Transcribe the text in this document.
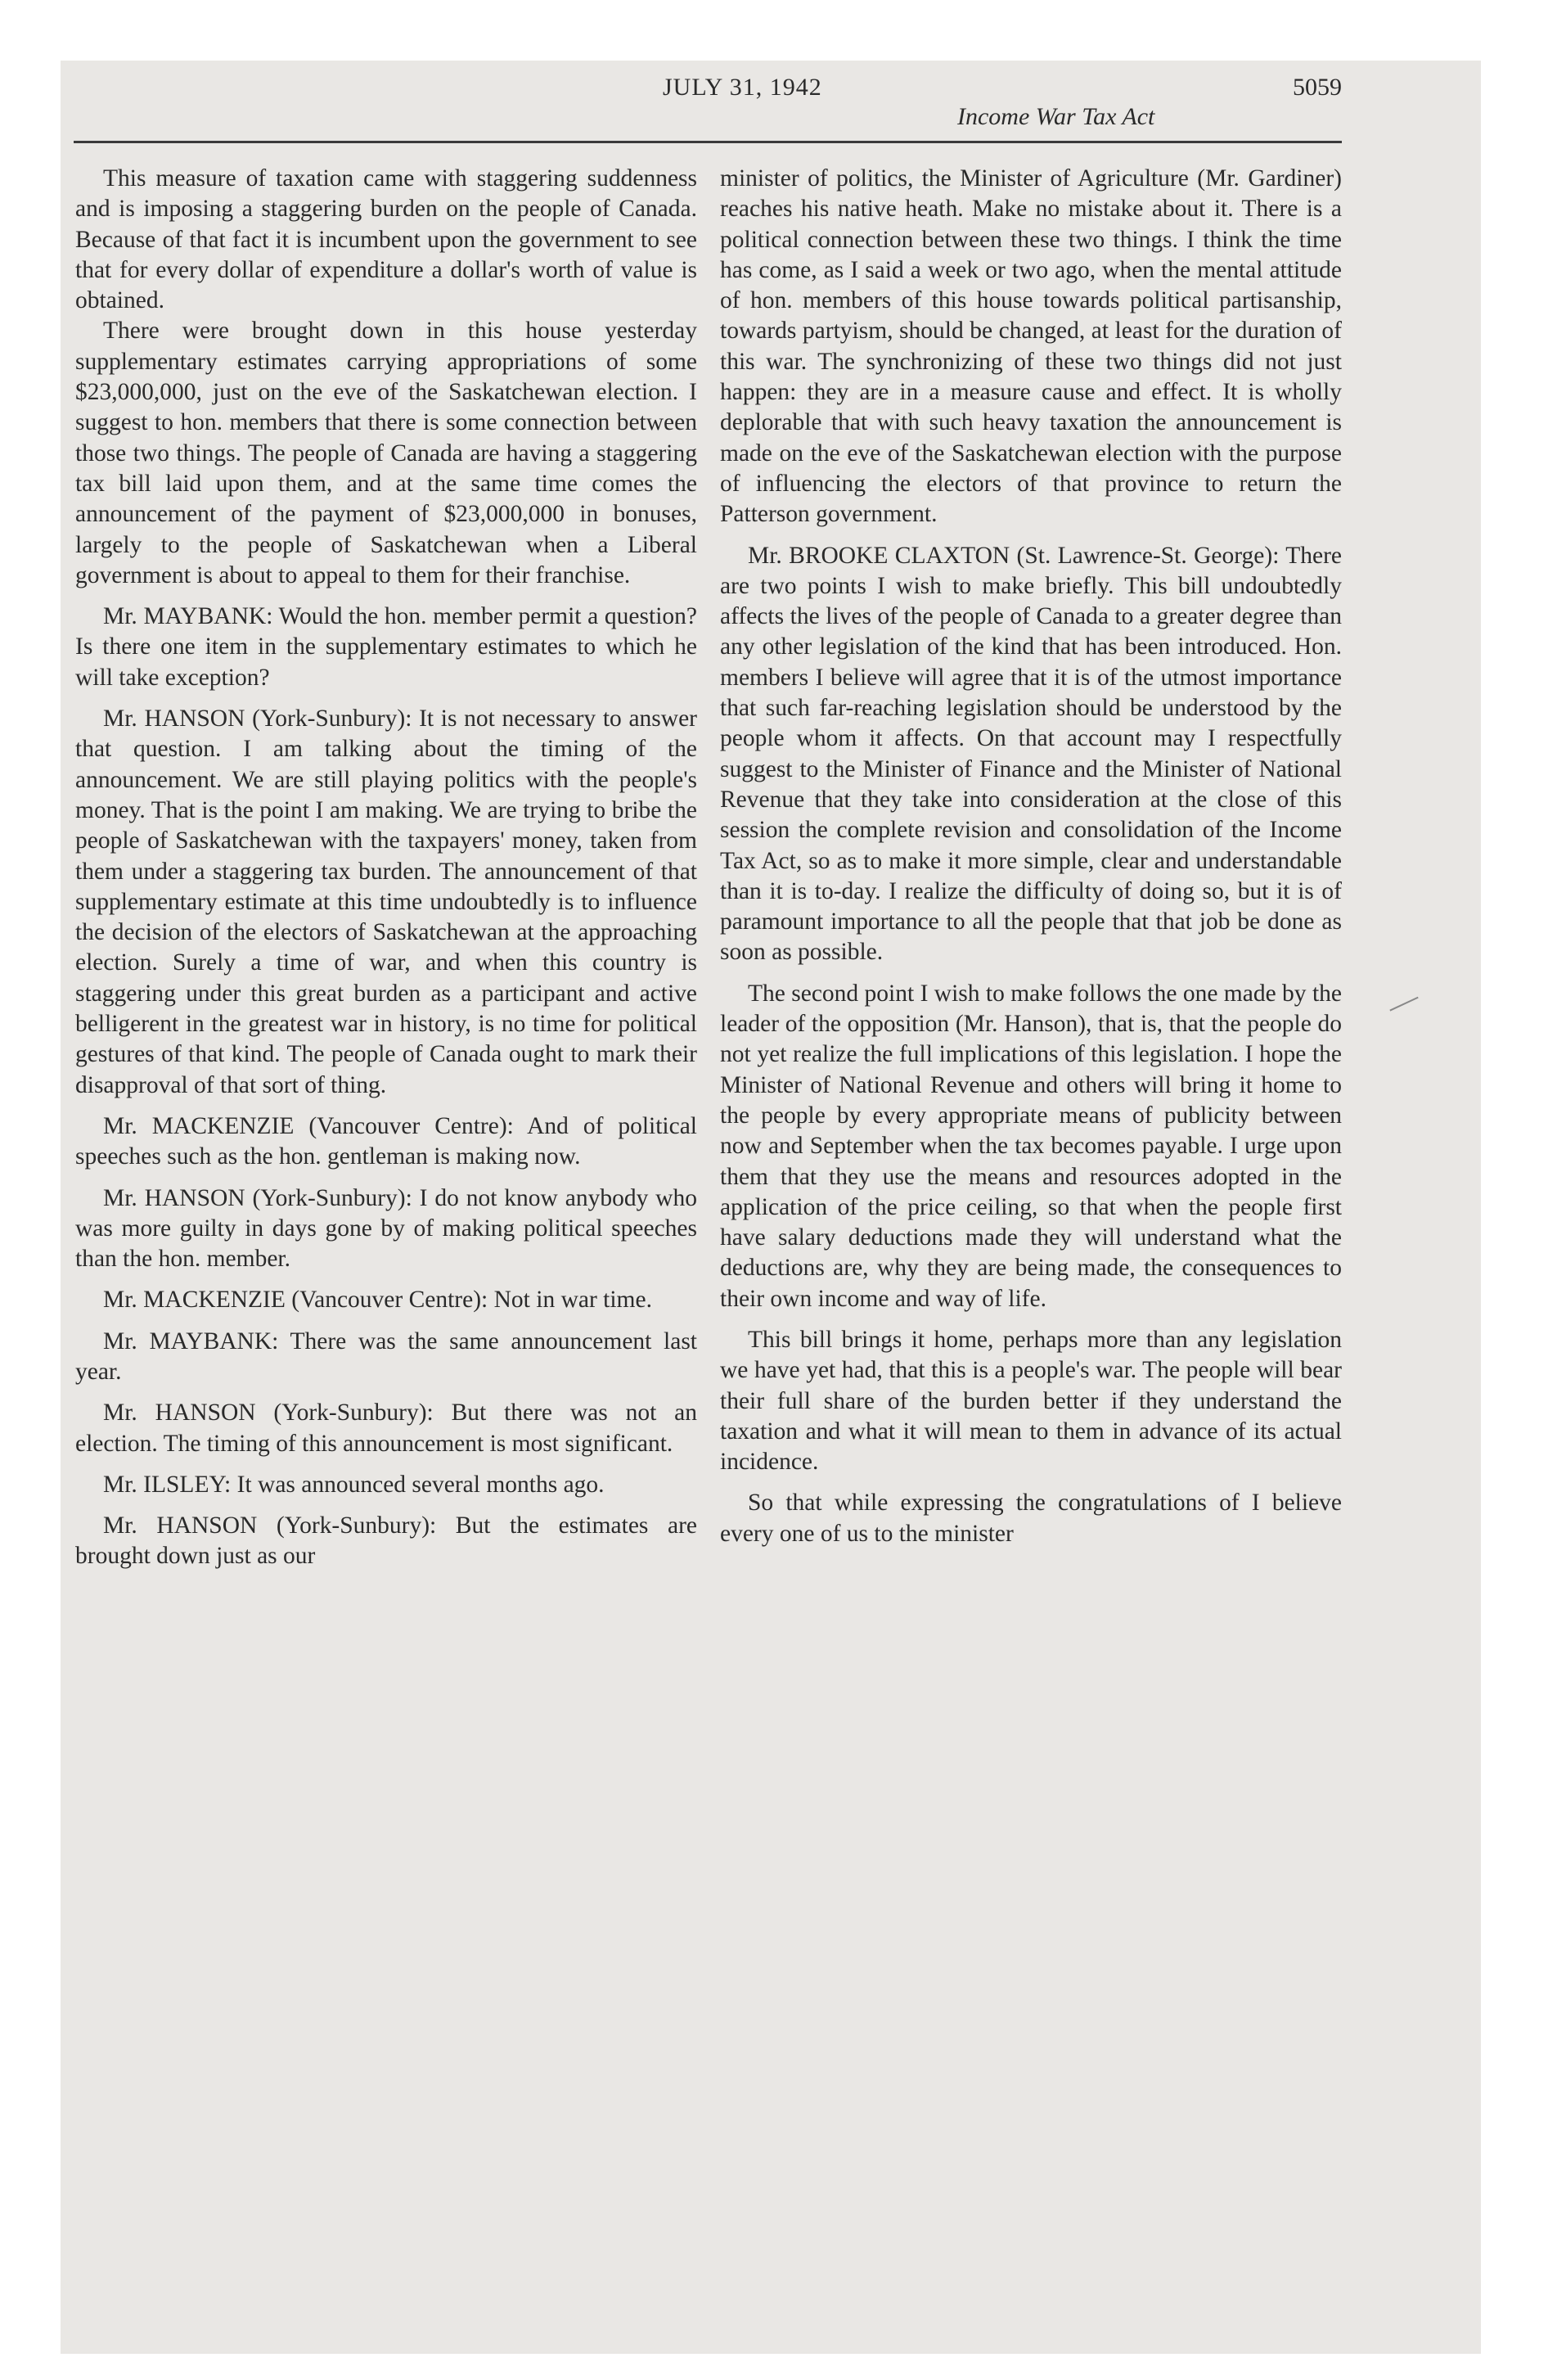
JULY 31, 1942
Income War Tax Act
5059

This measure of taxation came with staggering suddenness and is imposing a staggering burden on the people of Canada. Because of that fact it is incumbent upon the government to see that for every dollar of expenditure a dollar's worth of value is obtained.

There were brought down in this house yesterday supplementary estimates carrying appropriations of some $23,000,000, just on the eve of the Saskatchewan election. I suggest to hon. members that there is some connection between those two things. The people of Canada are having a staggering tax bill laid upon them, and at the same time comes the announcement of the payment of $23,000,000 in bonuses, largely to the people of Saskatchewan when a Liberal government is about to appeal to them for their franchise.

Mr. MAYBANK: Would the hon. member permit a question? Is there one item in the supplementary estimates to which he will take exception?

Mr. HANSON (York-Sunbury): It is not necessary to answer that question. I am talking about the timing of the announcement. We are still playing politics with the people's money. That is the point I am making. We are trying to bribe the people of Saskatchewan with the taxpayers' money, taken from them under a staggering tax burden. The announcement of that supplementary estimate at this time undoubtedly is to influence the decision of the electors of Saskatchewan at the approaching election. Surely a time of war, and when this country is staggering under this great burden as a participant and active belligerent in the greatest war in history, is no time for political gestures of that kind. The people of Canada ought to mark their disapproval of that sort of thing.

Mr. MACKENZIE (Vancouver Centre): And of political speeches such as the hon. gentleman is making now.

Mr. HANSON (York-Sunbury): I do not know anybody who was more guilty in days gone by of making political speeches than the hon. member.

Mr. MACKENZIE (Vancouver Centre): Not in war time.

Mr. MAYBANK: There was the same announcement last year.

Mr. HANSON (York-Sunbury): But there was not an election. The timing of this announcement is most significant.

Mr. ILSLEY: It was announced several months ago.

Mr. HANSON (York-Sunbury): But the estimates are brought down just as our

minister of politics, the Minister of Agriculture (Mr. Gardiner) reaches his native heath. Make no mistake about it. There is a political connection between these two things. I think the time has come, as I said a week or two ago, when the mental attitude of hon. members of this house towards political partisanship, towards partyism, should be changed, at least for the duration of this war. The synchronizing of these two things did not just happen: they are in a measure cause and effect. It is wholly deplorable that with such heavy taxation the announcement is made on the eve of the Saskatchewan election with the purpose of influencing the electors of that province to return the Patterson government.

Mr. BROOKE CLAXTON (St. Lawrence-St. George): There are two points I wish to make briefly. This bill undoubtedly affects the lives of the people of Canada to a greater degree than any other legislation of the kind that has been introduced. Hon. members I believe will agree that it is of the utmost importance that such far-reaching legislation should be understood by the people whom it affects. On that account may I respectfully suggest to the Minister of Finance and the Minister of National Revenue that they take into consideration at the close of this session the complete revision and consolidation of the Income Tax Act, so as to make it more simple, clear and understandable than it is to-day. I realize the difficulty of doing so, but it is of paramount importance to all the people that that job be done as soon as possible.

The second point I wish to make follows the one made by the leader of the opposition (Mr. Hanson), that is, that the people do not yet realize the full implications of this legislation. I hope the Minister of National Revenue and others will bring it home to the people by every appropriate means of publicity between now and September when the tax becomes payable. I urge upon them that they use the means and resources adopted in the application of the price ceiling, so that when the people first have salary deductions made they will understand what the deductions are, why they are being made, the consequences to their own income and way of life.

This bill brings it home, perhaps more than any legislation we have yet had, that this is a people's war. The people will bear their full share of the burden better if they understand the taxation and what it will mean to them in advance of its actual incidence.

So that while expressing the congratulations of I believe every one of us to the minister
